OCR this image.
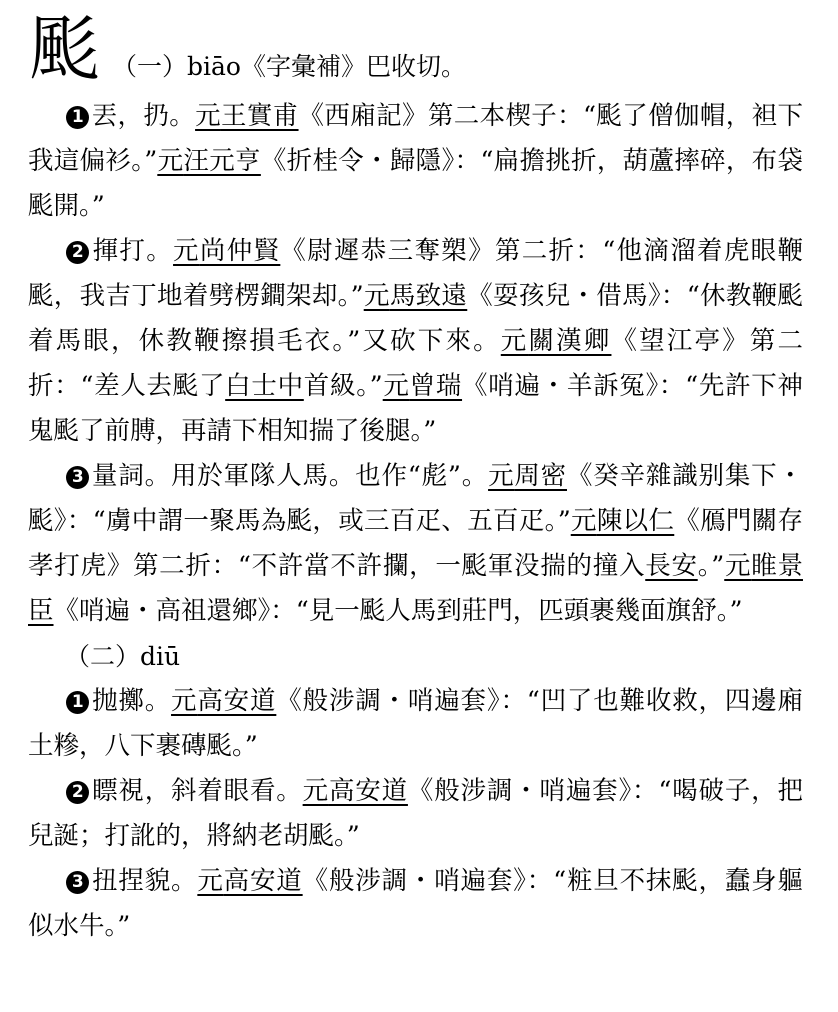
颩 （一）biāo《字彙補》巴收切。

1 丟，扔。元王實甫《西廂記》第二本楔子：“颩了僧伽帽，袒下我這偏衫。”元汪元亨《折桂令・歸隱》：“扁擔挑折，葫蘆摔碎，布袋颩開。”

2 揮打。元尚仲賢《尉遲恭三奪槊》第二折：“他滴溜着虎眼鞭颩，我吉丁地着劈楞鐧架却。”元馬致遠《耍孩兒・借馬》：“休教鞭颩着馬眼，休教鞭擦損毛衣。”又砍下來。元關漢卿《望江亭》第二折：“差人去颩了白士中首級。”元曾瑞《哨遍・羊訴冤》：“先許下神鬼颩了前膊，再請下相知揣了後腿。”

3 量詞。用於軍隊人馬。也作“彪”。元周密《癸辛雜識别集下・颩》：“虜中謂一聚馬為颩，或三百疋、五百疋。”元陳以仁《鴈門關存孝打虎》第二折：“不許當不許攔，一颩軍没揣的撞入長安。”元睢景臣《哨遍・高祖還鄉》：“見一颩人馬到莊門，匹頭裹幾面旗舒。”

（二）diū

1 抛擲。元高安道《般涉調・哨遍套》：“凹了也難收救，四邊廂土糝，八下裹磚颩。”

2 瞟視，斜着眼看。元高安道《般涉調・哨遍套》：“喝破子，把兒誕；打訛的，將納老胡颩。”

3 扭捏貌。元高安道《般涉調・哨遍套》：“粧旦不抹颩，蠢身軀似水牛。”
